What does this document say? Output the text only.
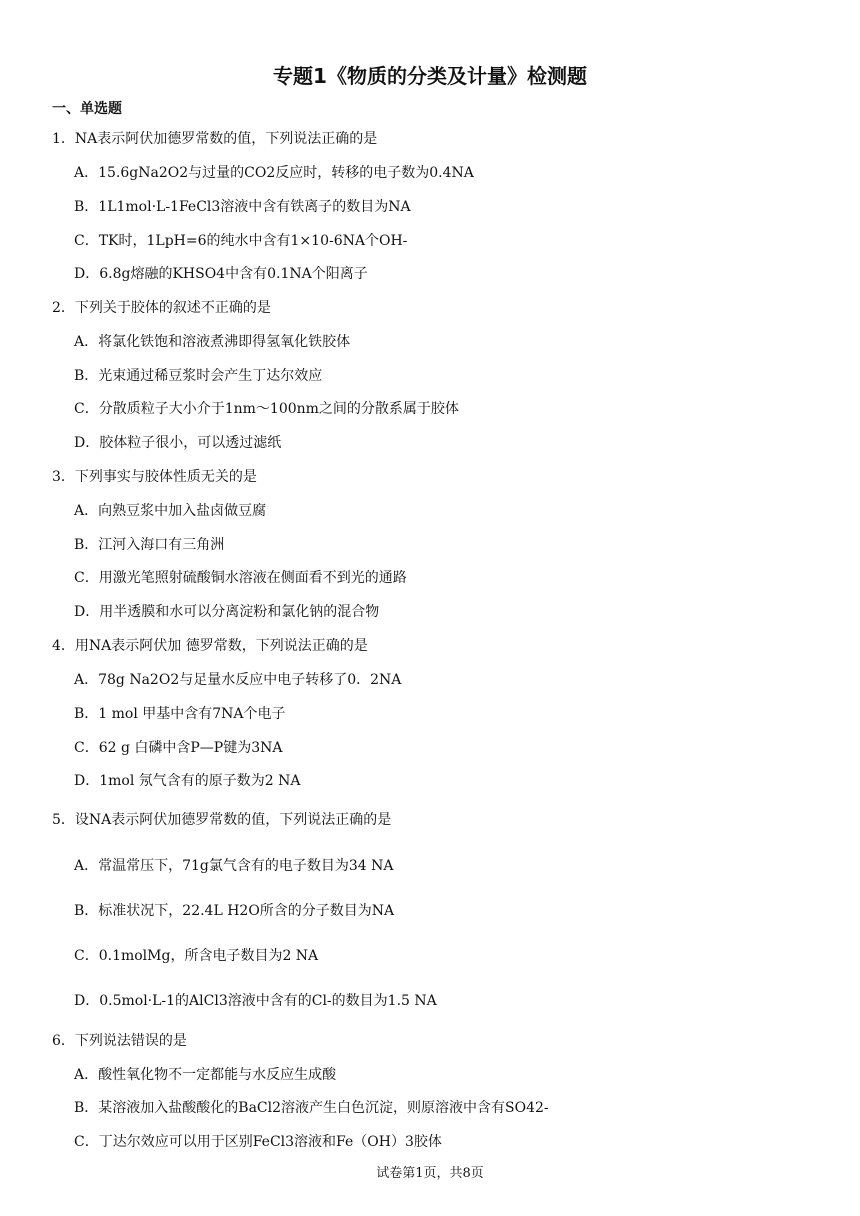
专题1《物质的分类及计量》检测题
一、单选题
1．NA表示阿伏加德罗常数的值，下列说法正确的是
A．15.6gNa2O2与过量的CO2反应时，转移的电子数为0.4NA
B．1L1mol·L-1FeCl3溶液中含有铁离子的数目为NA
C．TK时，1LpH=6的纯水中含有1×10-6NA个OH-
D．6.8g熔融的KHSO4中含有0.1NA个阳离子
2．下列关于胶体的叙述不正确的是
A．将氯化铁饱和溶液煮沸即得氢氧化铁胶体
B．光束通过稀豆浆时会产生丁达尔效应
C．分散质粒子大小介于1nm～100nm之间的分散系属于胶体
D．胶体粒子很小，可以透过滤纸
3．下列事实与胶体性质无关的是
A．向熟豆浆中加入盐卤做豆腐
B．江河入海口有三角洲
C．用激光笔照射硫酸铜水溶液在侧面看不到光的通路
D．用半透膜和水可以分离淀粉和氯化钠的混合物
4．用NA表示阿伏加 德罗常数，下列说法正确的是
A．78g Na2O2与足量水反应中电子转移了0．2NA
B．1 mol 甲基中含有7NA个电子
C．62 g 白磷中含P—P键为3NA
D．1mol 氖气含有的原子数为2 NA
5．设NA表示阿伏加德罗常数的值，下列说法正确的是
A．常温常压下，71g氯气含有的电子数目为34 NA
B．标准状况下，22.4L H2O所含的分子数目为NA
C．0.1molMg，所含电子数目为2 NA
D．0.5mol·L-1的AlCl3溶液中含有的Cl-的数目为1.5 NA
6．下列说法错误的是
A．酸性氧化物不一定都能与水反应生成酸
B．某溶液加入盐酸酸化的BaCl2溶液产生白色沉淀，则原溶液中含有SO42-
C．丁达尔效应可以用于区别FeCl3溶液和Fe（OH）3胶体
试卷第1页，共8页
